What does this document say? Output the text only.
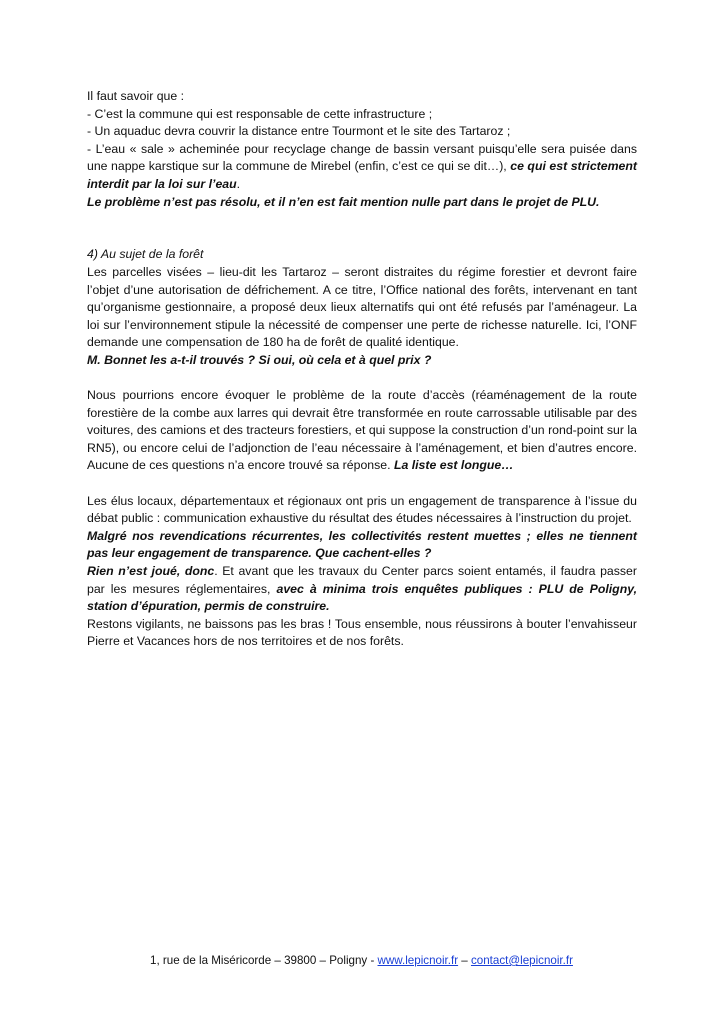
Il faut savoir que :

- C’est la commune qui est responsable de cette infrastructure ;

- Un aquaduc devra couvrir la distance entre Tourmont et le site des Tartaroz ;

- L’eau « sale » acheminée pour recyclage change de bassin versant puisqu’elle sera puisée dans une nappe karstique sur la commune de Mirebel (enfin, c’est ce qui se dit…), ce qui est strictement interdit par la loi sur l’eau.

Le problème n’est pas résolu, et il n’en est fait mention nulle part dans le projet de PLU.

4) Au sujet de la forêt

Les parcelles visées – lieu-dit les Tartaroz – seront distraites du régime forestier et devront faire l’objet d’une autorisation de défrichement. A ce titre, l’Office national des forêts, intervenant en tant qu’organisme gestionnaire, a proposé deux lieux alternatifs qui ont été refusés par l’aménageur. La loi sur l’environnement stipule la nécessité de compenser une perte de richesse naturelle. Ici, l’ONF demande une compensation de 180 ha de forêt de qualité identique.

M. Bonnet les a-t-il trouvés ? Si oui, où cela et à quel prix ?

Nous pourrions encore évoquer le problème de la route d’accès (réaménagement de la route forestière de la combe aux larres qui devrait être transformée en route carrossable utilisable par des voitures, des camions et des tracteurs forestiers, et qui suppose la construction d’un rond-point sur la RN5), ou encore celui de l’adjonction de l’eau nécessaire à l’aménagement, et bien d’autres encore. Aucune de ces questions n’a encore trouvé sa réponse. La liste est longue…

Les élus locaux, départementaux et régionaux ont pris un engagement de transparence à l’issue du débat public : communication exhaustive du résultat des études nécessaires à l’instruction du projet.

Malgré nos revendications récurrentes, les collectivités restent muettes ; elles ne tiennent pas leur engagement de transparence. Que cachent-elles ?

Rien n’est joué, donc. Et avant que les travaux du Center parcs soient entamés, il faudra passer par les mesures réglementaires, avec à minima trois enquêtes publiques : PLU de Poligny, station d’épuration, permis de construire.

Restons vigilants, ne baissons pas les bras ! Tous ensemble, nous réussirons à bouter l’envahisseur Pierre et Vacances hors de nos territoires et de nos forêts.

1, rue de la Miséricorde – 39800 – Poligny - www.lepicnoir.fr – contact@lepicnoir.fr
